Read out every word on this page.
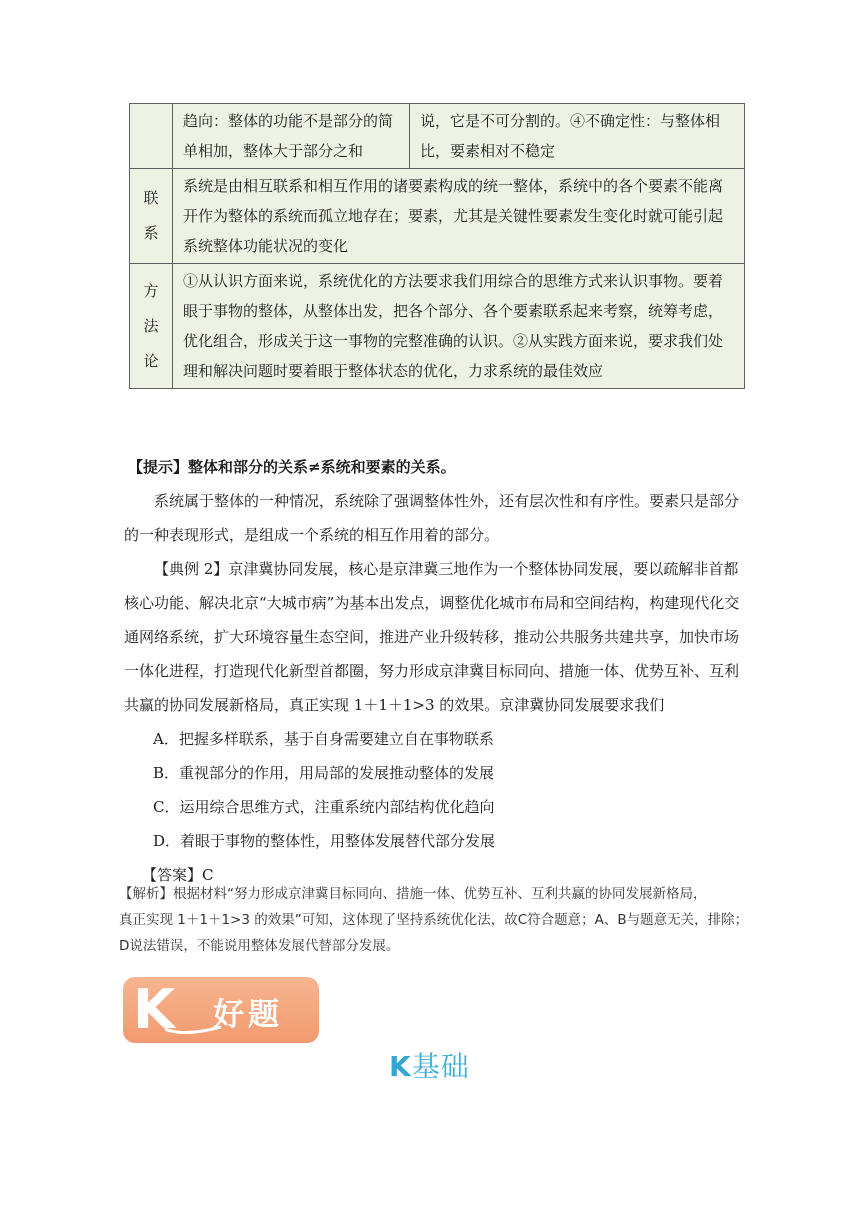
	趋向：整体的功能不是部分的简单相加，整体大于部分之和	说，它是不可分割的。④不确定性：与整体相比，要素相对不稳定

联
系	系统是由相互联系和相互作用的诸要素构成的统一整体，系统中的各个要素不能离开作为整体的系统而孤立地存在；要素，尤其是关键性要素发生变化时就可能引起系统整体功能状况的变化	

方
法
论	①从认识方面来说，系统优化的方法要求我们用综合的思维方式来认识事物。要着眼于事物的整体，从整体出发，把各个部分、各个要素联系起来考察，统筹考虑，优化组合，形成关于这一事物的完整准确的认识。②从实践方面来说，要求我们处理和解决问题时要着眼于整体状态的优化，力求系统的最佳效应	

【提示】整体和部分的关系≠系统和要素的关系。

系统属于整体的一种情况，系统除了强调整体性外，还有层次性和有序性。要素只是部分的一种表现形式，是组成一个系统的相互作用着的部分。

【典例 2】京津冀协同发展，核心是京津冀三地作为一个整体协同发展，要以疏解非首都核心功能、解决北京“大城市病”为基本出发点，调整优化城市布局和空间结构，构建现代化交通网络系统，扩大环境容量生态空间，推进产业升级转移，推动公共服务共建共享，加快市场一体化进程，打造现代化新型首都圈，努力形成京津冀目标同向、措施一体、优势互补、互利共赢的协同发展新格局，真正实现 1＋1＋1>3 的效果。京津冀协同发展要求我们

A．把握多样联系，基于自身需要建立自在事物联系

B．重视部分的作用，用局部的发展推动整体的发展

C．运用综合思维方式，注重系统内部结构优化趋向

D．着眼于事物的整体性，用整体发展替代部分发展

【答案】C

【解析】根据材料“努力形成京津冀目标同向、措施一体、优势互补、互利共赢的协同发展新格局，

真正实现 1＋1＋1>3 的效果”可知，这体现了坚持系统优化法，故C符合题意；A、B与题意无关，排除；

D说法错误，不能说用整体发展代替部分发展。

K 好题
K基础
